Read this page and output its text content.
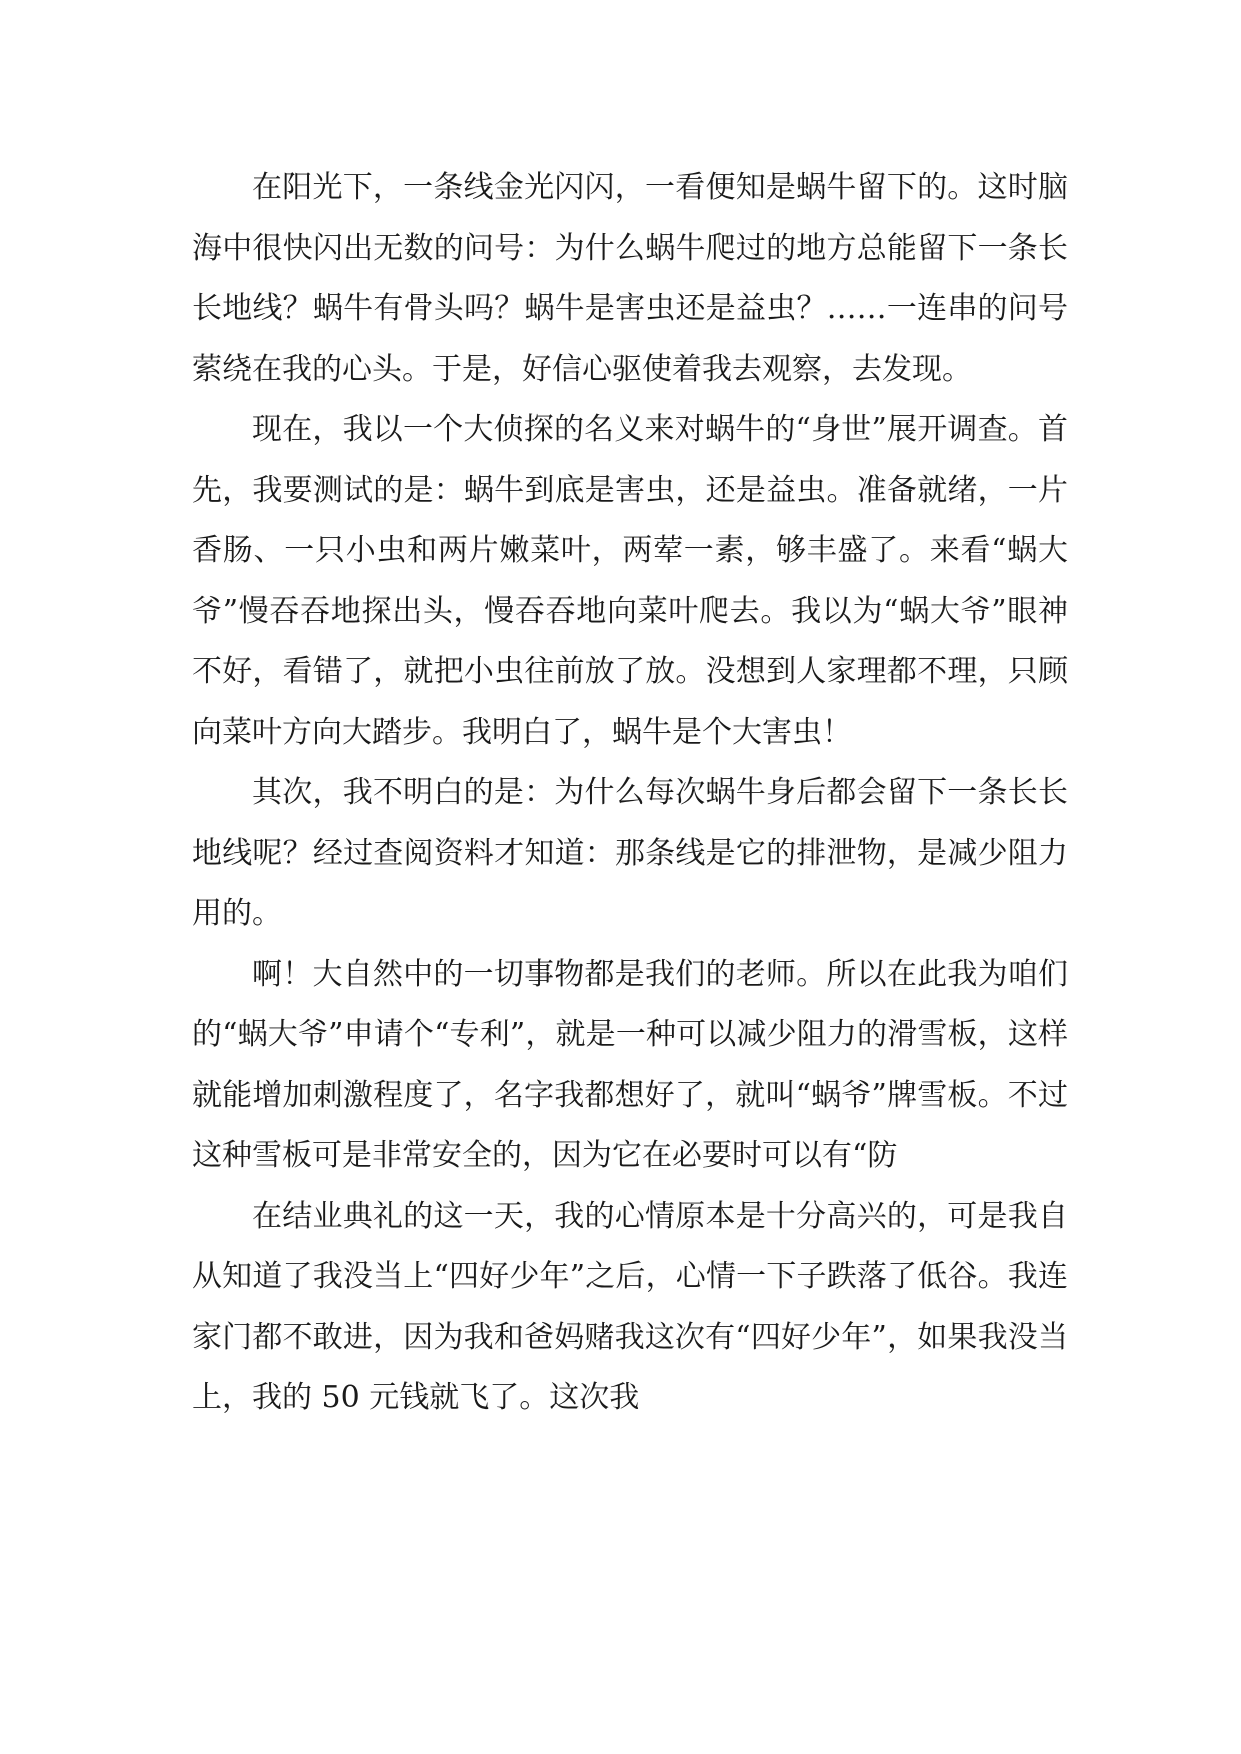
在阳光下，一条线金光闪闪，一看便知是蜗牛留下的。这时脑海中很快闪出无数的问号：为什么蜗牛爬过的地方总能留下一条长长地线？蜗牛有骨头吗？蜗牛是害虫还是益虫？……一连串的问号萦绕在我的心头。于是，好信心驱使着我去观察，去发现。

现在，我以一个大侦探的名义来对蜗牛的“身世”展开调查。首先，我要测试的是：蜗牛到底是害虫，还是益虫。准备就绪，一片香肠、一只小虫和两片嫩菜叶，两荤一素，够丰盛了。来看“蜗大爷”慢吞吞地探出头，慢吞吞地向菜叶爬去。我以为“蜗大爷”眼神不好，看错了，就把小虫往前放了放。没想到人家理都不理，只顾向菜叶方向大踏步。我明白了，蜗牛是个大害虫！

其次，我不明白的是：为什么每次蜗牛身后都会留下一条长长地线呢？经过查阅资料才知道：那条线是它的排泄物，是减少阻力用的。

啊！大自然中的一切事物都是我们的老师。所以在此我为咱们的“蜗大爷”申请个“专利”，就是一种可以减少阻力的滑雪板，这样就能增加刺激程度了，名字我都想好了，就叫“蜗爷”牌雪板。不过这种雪板可是非常安全的，因为它在必要时可以有“防

在结业典礼的这一天，我的心情原本是十分高兴的，可是我自从知道了我没当上“四好少年”之后，心情一下子跌落了低谷。我连家门都不敢进，因为我和爸妈赌我这次有“四好少年”，如果我没当上，我的 50 元钱就飞了。这次我
